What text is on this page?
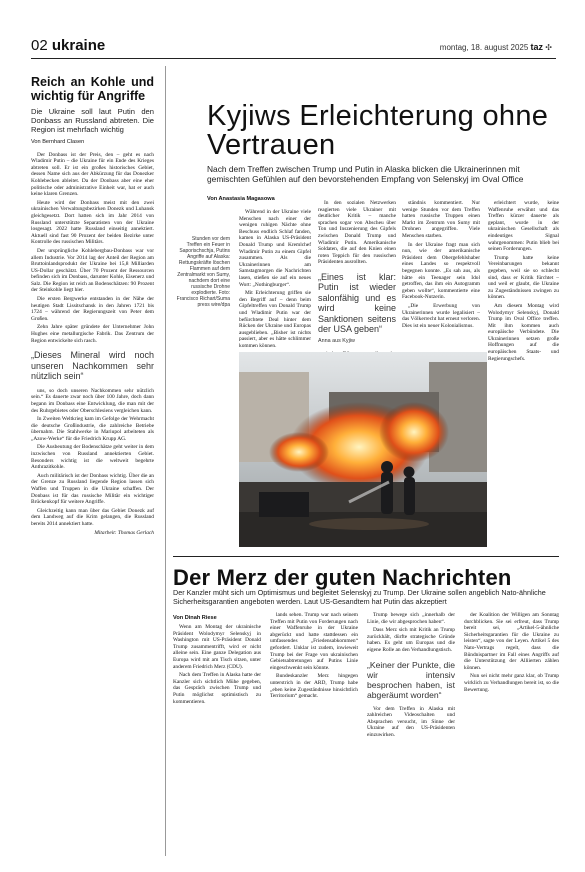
02 ukraine	montag, 18. august 2025 taz ✣
Reich an Kohle und wichtig für Angriffe
Die Ukraine soll laut Putin den Donbass an Russland abtreten. Die Region ist mehrfach wichtig
Von Bernhard Clasen

Der Donbass ist der Preis, den – geht es nach Wladimir Putin – die Ukraine für ein Ende des Krieges abtreten soll. Er ist ein großes historisches Gebiet, dessen Name sich aus der Abkürzung für das Donezker Kohlebecken ableitet. Da der Donbass aber eine eher politische oder administrative Einheit war, hat er auch keine klaren Grenzen.

Heute wird der Donbass meist mit den zwei ukrainischen Verwaltungsbezirken Donezk und Luhansk gleichgesetzt. Dort hatten sich im Jahr 2014 von Russland unterstützte Separatisten von der Ukraine losgesagt. 2022 hatte Russland einseitig annektiert. Aktuell sind fast 90 Prozent der beiden Bezirke unter Kontrolle des russischen Militärs.

Der ursprüngliche Kohlebergbau-Donbass war vor allem Industrie. Vor 2014 lag der Anteil der Region am Bruttoinlandsprodukt der Ukraine bei 15,8 Milliarden US-Dollar geschätzt. Über 70 Prozent der Ressourcen befinden sich im Donbass, darunter Kohle, Eisenerz und Salz. Die Region ist reich an Bodenschätzen: 90 Prozent der Steinkohle liegt hier.

Die ersten Bergwerke entstanden in der Nähe der heutigen Stadt Lissitschansk in den Jahren 1721 bis 1724 – während der Regierungszeit von Peter dem Großen.

Zehn Jahre später gründete der Unternehmer John Hughes eine metallurgische Fabrik. Das Zentrum der Region entwickelte sich rasch.

„Dieses Mineral wird noch unseren Nachkommen sehr nützlich sein“

uns, so doch unseren Nachkommen sehr nützlich sein.“ Es dauerte zwar noch über 100 Jahre, doch dann begann im Donbass eine Entwicklung, die man mit der des Ruhrgebietes oder Oberschlesiens vergleichen kann.

In Zweiten Weltkrieg kam im Gefolge der Wehrmacht die deutsche Großindustrie, die zahlreiche Betriebe übernahm. Die Stahlwerke in Mariupol arbeiteten als „Azow-Werke“ für die Friedrich Krupp AG.

Die Ausbeutung der Bodenschätze geht weiter in dem inzwischen von Russland annektierten Gebiet. Besonders wichtig ist die weltweit begehrte Anthrazitkohle.

Auch militärisch ist der Donbass wichtig. Über die an der Grenze zu Russland liegende Region lassen sich Waffen und Truppen in die Ukraine schaffen. Der Donbass ist für das russische Militär ein wichtiger Brückenkopf für weitere Angriffe.

Gleichzeitig kann man über das Gebiet Donezk auf dem Landweg auf die Krim gelangen, die Russland bereits 2014 annektiert hatte.

Mitarbeit: Thomas Gerlach
Kyjiws Erleichterung ohne Vertrauen
Nach dem Treffen zwischen Trump und Putin in Alaska blicken die Ukrainerinnen mit gemischten Gefühlen auf den bevorstehenden Empfang von Selenskyj im Oval Office
Von Anastasia Magasowa
Stunden vor dem Treffen ein Feuer in Saporischschja, Putins Angriffe auf Alaska: Rettungskräfte löschen Flammen auf dem Zentralmarkt von Sumy, nachdem dort eine russische Drohne explodierte. Foto: Francisco Richart/Suma press wire/dpa

Während in der Ukraine viele Menschen nach einer der wenigen ruhigen Nächte ohne Beschuss endlich Schlaf fanden, kamen in Alaska US-Präsident Donald Trump und Kremlchef Wladimir Putin zu einem Gipfel zusammen. Als die Ukrainerinnen am Samstagmorgen die Nachrichten lasen, stießen sie auf ein neues Wort: „Nothingburger“.

Mit Erleichterung griffen sie den Begriff auf – denn beim Gipfeltreffen von Donald Trump und Wladimir Putin war der befürchtete Deal hinter dem Rücken der Ukraine und Europas ausgeblieben. „Bisher ist nichts passiert, aber es hätte schlimmer kommen können.

In den sozialen Netzwerken reagierten viele Ukrainer mit deutlicher Kritik – manche sprachen sogar von Abscheu über Ton und Inszenierung des Gipfels zwischen Donald Trump und Wladimir Putin. Amerikanische Soldaten, die auf den Knien einen roten Teppich für den russischen Präsidenten ausrollten.

„Eines ist klar: Putin ist wieder salonfähig und es wird keine Sanktionen seitens der USA geben“
Anna aus Kyjiw

ständnis kommentiert. Nur wenige Stunden vor dem Treffen hatten russische Truppen einen Markt im Zentrum von Sumy mit Drohnen angegriffen. Viele Menschen starben.

In der Ukraine fragt man sich nun, wie der amerikanische Präsident dem Obergefehlshaber eines Landes so respektvoll begegnen konnte. „Es sah aus, als hätte ein Teenager sein Idol getroffen, das ihm ein Autogramm geben wollte“, kommentierte eine Facebook-Nutzerin.

„Die Erwerbung von Ukrainerinnen wurde legalisiert – das Völkerrecht hat erneut verloren. Dies ist ein neuer Kolonialismus.

erleichtert wurde, keine Waffenruhe erwähnt und das Treffen kürzer dauerte als geplant, wurde in der ukrainischen Gesellschaft als eindeutiges Signal wahrgenommen: Putin blieb bei seinen Forderungen.

Trump hatte keine Vereinbarungen bekannt gegeben, weil sie so schlecht sind, dass er Kritik fürchtet – und weil er glaubt, die Ukraine zu Zugeständnissen zwingen zu können.

Am diesem Montag wird Wolodymyr Selenskyj, Donald Trump im Oval Office treffen. Mit ihm kommen auch europäische Verbündete. Die Ukrainerinnen setzen große Hoffnungen auf die europäischen Staats- und Regierungschefs.

Der Merz der guten Nachrichten
Der Kanzler müht sich um Optimismus und begleitet Selenskyj zu Trump. Der Ukraine sollen angeblich Nato-ähnliche Sicherheitsgarantien angeboten werden. Laut US-Gesandtem hat Putin das akzeptiert
Von Dinah Riese

Wenn am Montag der ukrainische Präsident Wolodymyr Selenskyj in Washington mit US-Präsident Donald Trump zusammentrifft, wird er nicht alleine sein. Eine ganze Delegation aus Europa wird mit am Tisch sitzen, unter anderem Friedrich Merz (CDU).

Nach dem Treffen in Alaska hatte der Kanzler sich sichtlich Mühe gegeben, das Gespräch zwischen Trump und Putin möglichst optimistisch zu kommentieren.

lands sehen. Trump war nach seinem Treffen mit Putin von Forderungen nach einer Waffenruhe in der Ukraine abgerückt und hatte stattdessen ein umfassendes „Friedensabkommen“ gefordert. Unklar ist zudem, inwieweit Trump bei der Frage von ukrainischen Gebietsabtretungen auf Putins Linie eingeschwenkt sein könnte.

Bundeskanzler Merz hingegen unterstrich in der ARD, Trump habe „eben keine Zugeständnisse hinsichtlich Territorium“ gemacht.

Trump bewege sich „innerhalb der Linie, die wir abgesprochen haben“.

Dass Merz sich mit Kritik an Trump zurückhält, dürfte strategische Gründe haben. Es geht um Europas und die eigene Rolle an den Verhandlungstisch.

„Keiner der Punkte, die wir intensiv besprochen haben, ist abgeräumt worden“

Vor dem Treffen in Alaska mit zahlreichen Videoschalten und Absprachen versucht, im Sinne der Ukraine auf den US-Präsidenten einzuwirken.

der Koalition der Willigen am Sonntag durchblicken. Sie sei erfreut, dass Trump bereit sei, „Artikel-5-ähnliche Sicherheitsgarantien für die Ukraine zu leisten“, sagte von der Leyen. Artikel 5 des Nato-Vertrags regelt, dass die Bündnispartner im Fall eines Angriffs auf die Unterstützung der Alliierten zählen können.

Nun sei nicht mehr ganz klar, ob Trump wirklich zu Verhandlungen bereit ist, so die Bewertung.
